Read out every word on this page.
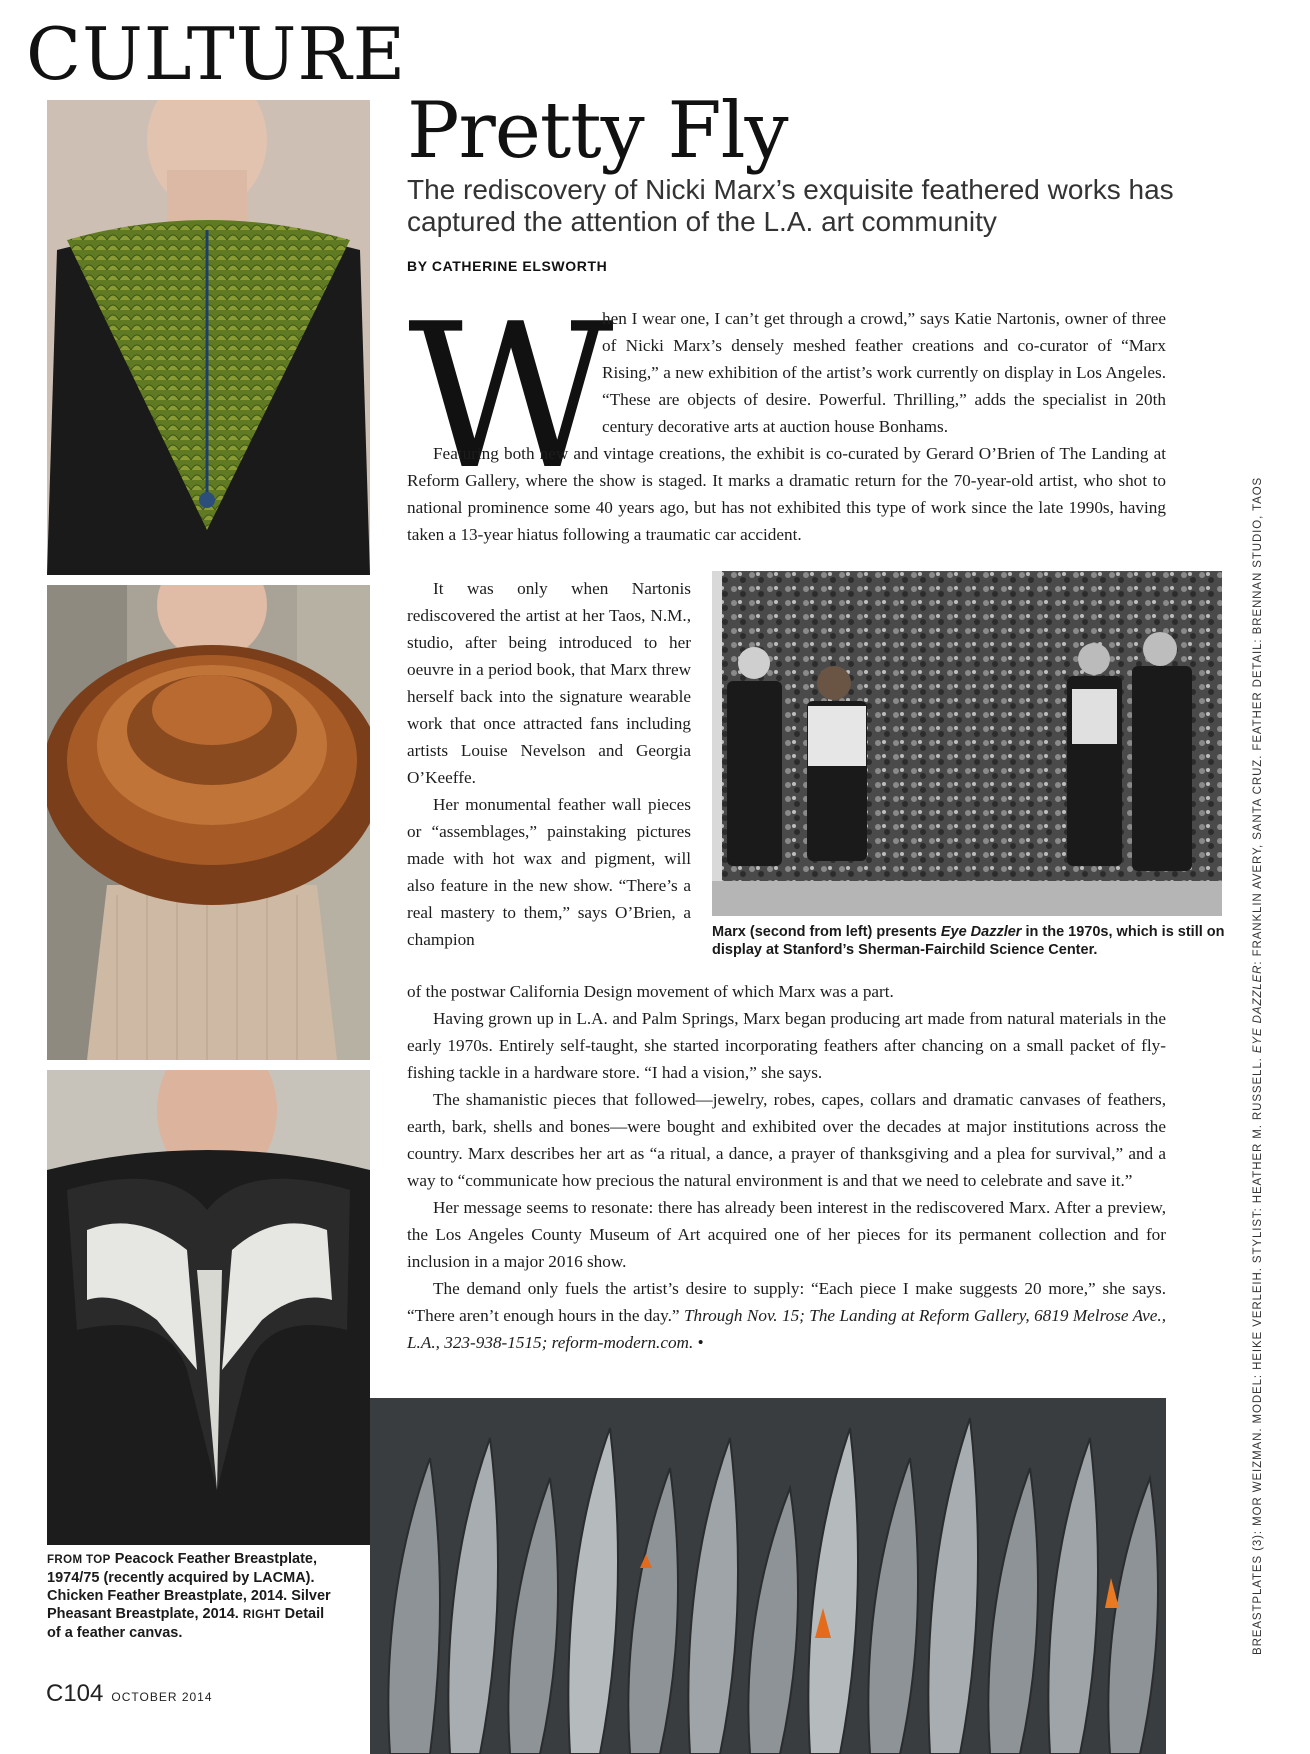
CULTURE
FROM TOP Peacock Feather Breastplate, 1974/75 (recently acquired by LACMA). Chicken Feather Breastplate, 2014. Silver Pheasant Breastplate, 2014. RIGHT Detail of a feather canvas.
C104 OCTOBER 2014
Pretty Fly
The rediscovery of Nicki Marx’s exquisite feathered works has captured the attention of the L.A. art community
BY CATHERINE ELSWORTH
W

hen I wear one, I can’t get through a crowd,” says Katie Nartonis, owner of three of Nicki Marx’s densely meshed feather creations and co-curator of “Marx Rising,” a new exhibition of the artist’s work currently on display in Los Angeles. “These are objects of desire. Powerful. Thrilling,” adds the specialist in 20th century decorative arts at auction house Bonhams.

Featuring both new and vintage creations, the exhibit is co-curated by Gerard O’Brien of The Landing at Reform Gallery, where the show is staged. It marks a dramatic return for the 70-year-old artist, who shot to national prominence some 40 years ago, but has not exhibited this type of work since the late 1990s, having taken a 13-year hiatus following a traumatic car accident.

It was only when Nartonis rediscovered the artist at her Taos, N.M., studio, after being introduced to her oeuvre in a period book, that Marx threw herself back into the signature wearable work that once attracted fans including artists Louise Nevelson and Georgia O’Keeffe.

Her monumental feather wall pieces or “assemblages,” painstaking pictures made with hot wax and pigment, will also feature in the new show. “There’s a real mastery to them,” says O’Brien, a champion	Marx (second from left) presents Eye Dazzler in the 1970s, which is still on display at Stanford’s Sherman-Fairchild Science Center.

of the postwar California Design movement of which Marx was a part.

Having grown up in L.A. and Palm Springs, Marx began producing art made from natural materials in the early 1970s. Entirely self-taught, she started incorporating feathers after chancing on a small packet of fly-fishing tackle in a hardware store. “I had a vision,” she says.

The shamanistic pieces that followed—jewelry, robes, capes, collars and dramatic canvases of feathers, earth, bark, shells and bones—were bought and exhibited over the decades at major institutions across the country. Marx describes her art as “a ritual, a dance, a prayer of thanksgiving and a plea for survival,” and a way to “communicate how precious the natural environment is and that we need to celebrate and save it.”

Her message seems to resonate: there has already been interest in the rediscovered Marx. After a preview, the Los Angeles County Museum of Art acquired one of her pieces for its permanent collection and for inclusion in a major 2016 show.

The demand only fuels the artist’s desire to supply: “Each piece I make suggests 20 more,” she says. “There aren’t enough hours in the day.” Through Nov. 15; The Landing at Reform Gallery, 6819 Melrose Ave., L.A., 323-938-1515; reform-modern.com. •	BREASTPLATES (3): MOR WEIZMAN. MODEL: HEIKE VERLEIH. STYLIST: HEATHER M. RUSSELL. EYE DAZZLER: FRANKLIN AVERY, SANTA CRUZ. FEATHER DETAIL: BRENNAN STUDIO, TAOS
